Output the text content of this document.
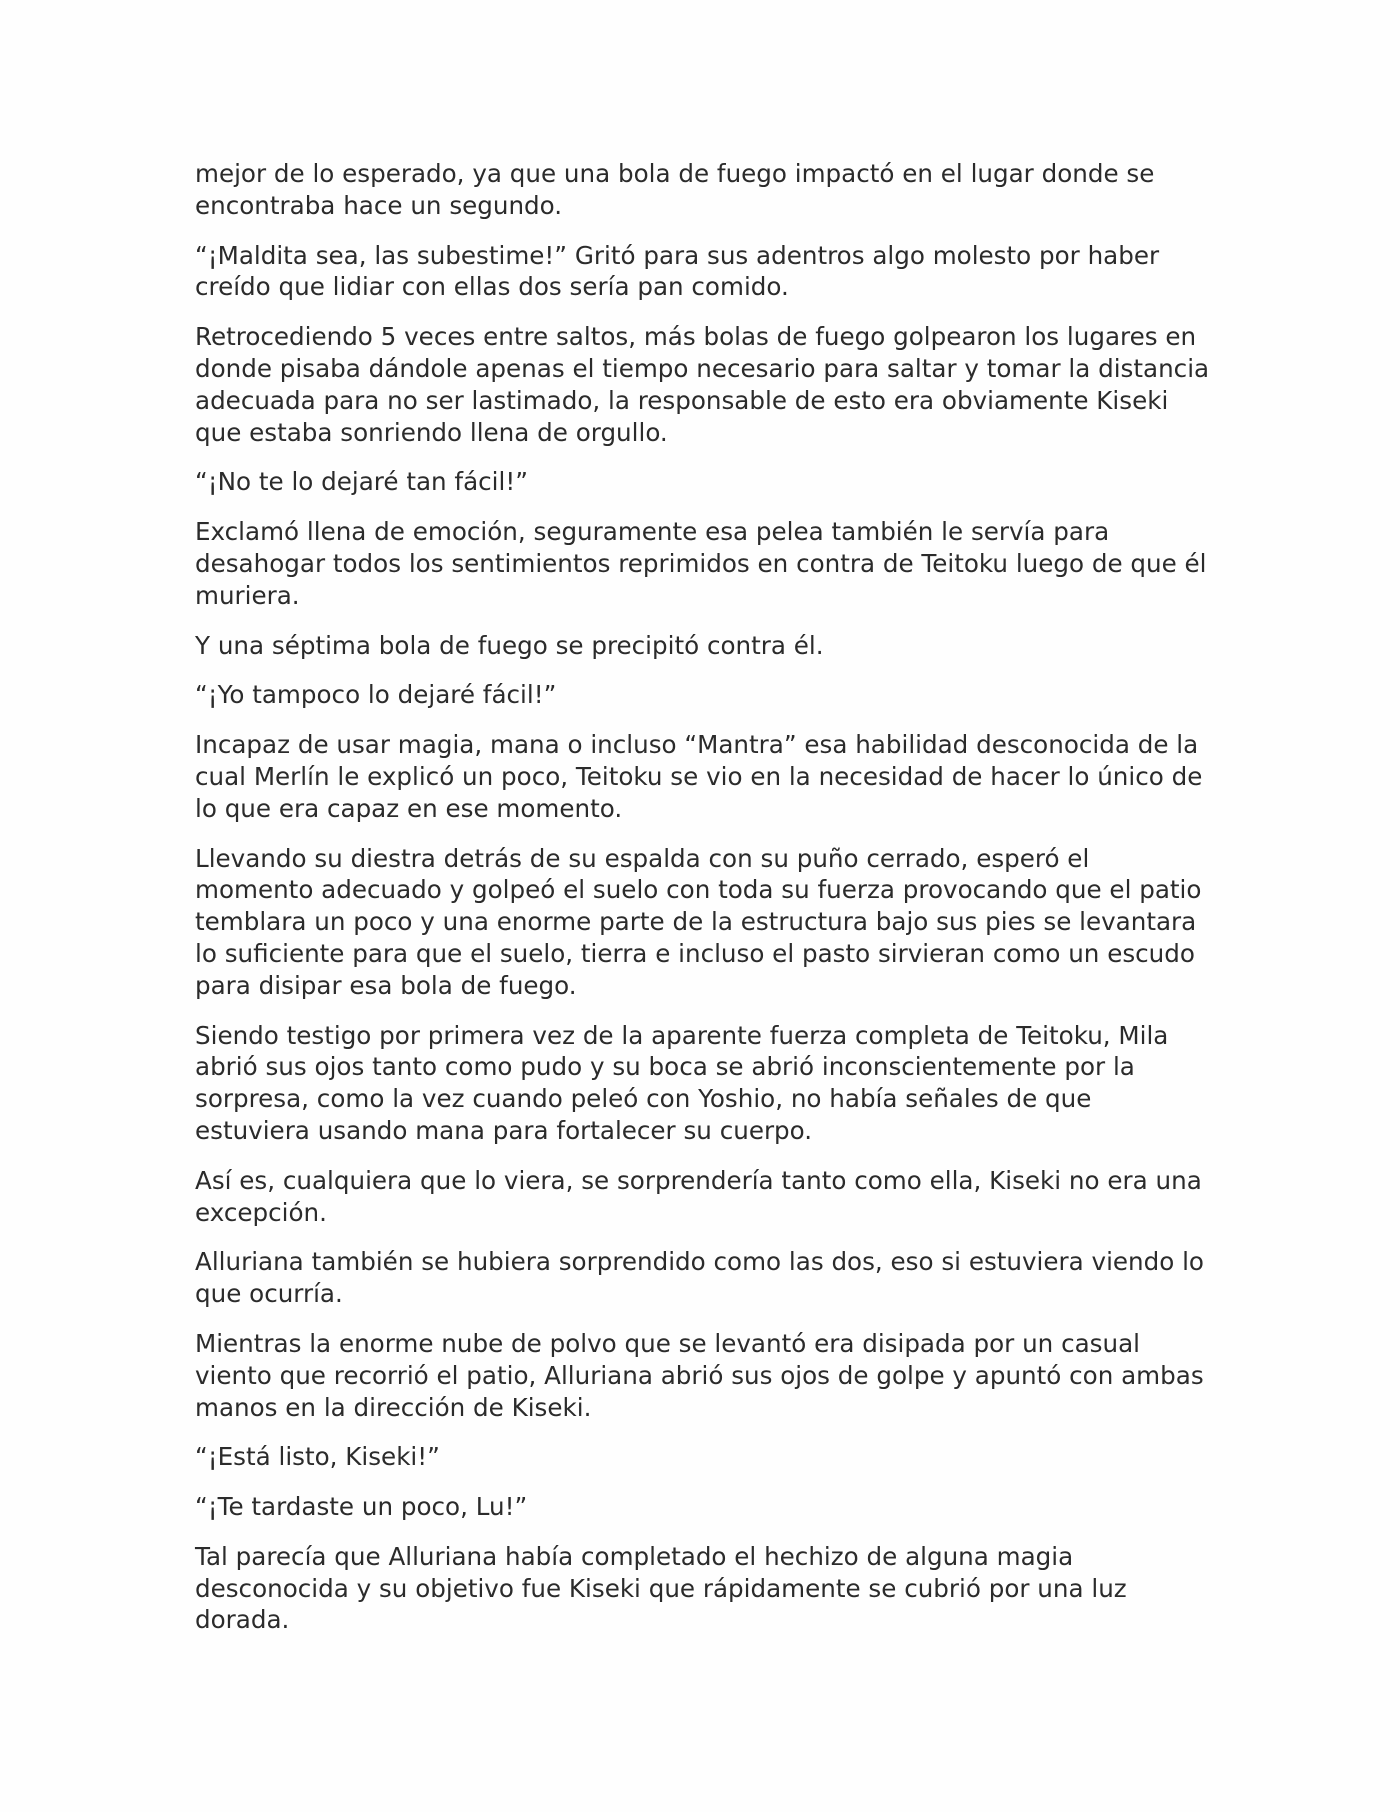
mejor de lo esperado, ya que una bola de fuego impactó en el lugar donde se encontraba hace un segundo.

“¡Maldita sea, las subestime!” Gritó para sus adentros algo molesto por haber creído que lidiar con ellas dos sería pan comido.

Retrocediendo 5 veces entre saltos, más bolas de fuego golpearon los lugares en donde pisaba dándole apenas el tiempo necesario para saltar y tomar la distancia adecuada para no ser lastimado, la responsable de esto era obviamente Kiseki que estaba sonriendo llena de orgullo.

“¡No te lo dejaré tan fácil!”

Exclamó llena de emoción, seguramente esa pelea también le servía para desahogar todos los sentimientos reprimidos en contra de Teitoku luego de que él muriera.

Y una séptima bola de fuego se precipitó contra él.

“¡Yo tampoco lo dejaré fácil!”

Incapaz de usar magia, mana o incluso “Mantra” esa habilidad desconocida de la cual Merlín le explicó un poco, Teitoku se vio en la necesidad de hacer lo único de lo que era capaz en ese momento.

Llevando su diestra detrás de su espalda con su puño cerrado, esperó el momento adecuado y golpeó el suelo con toda su fuerza provocando que el patio temblara un poco y una enorme parte de la estructura bajo sus pies se levantara lo suficiente para que el suelo, tierra e incluso el pasto sirvieran como un escudo para disipar esa bola de fuego.

Siendo testigo por primera vez de la aparente fuerza completa de Teitoku, Mila abrió sus ojos tanto como pudo y su boca se abrió inconscientemente por la sorpresa, como la vez cuando peleó con Yoshio, no había señales de que estuviera usando mana para fortalecer su cuerpo.

Así es, cualquiera que lo viera, se sorprendería tanto como ella, Kiseki no era una excepción.

Alluriana también se hubiera sorprendido como las dos, eso si estuviera viendo lo que ocurría.

Mientras la enorme nube de polvo que se levantó era disipada por un casual viento que recorrió el patio, Alluriana abrió sus ojos de golpe y apuntó con ambas manos en la dirección de Kiseki.

“¡Está listo, Kiseki!”

“¡Te tardaste un poco, Lu!”

Tal parecía que Alluriana había completado el hechizo de alguna magia desconocida y su objetivo fue Kiseki que rápidamente se cubrió por una luz dorada.
